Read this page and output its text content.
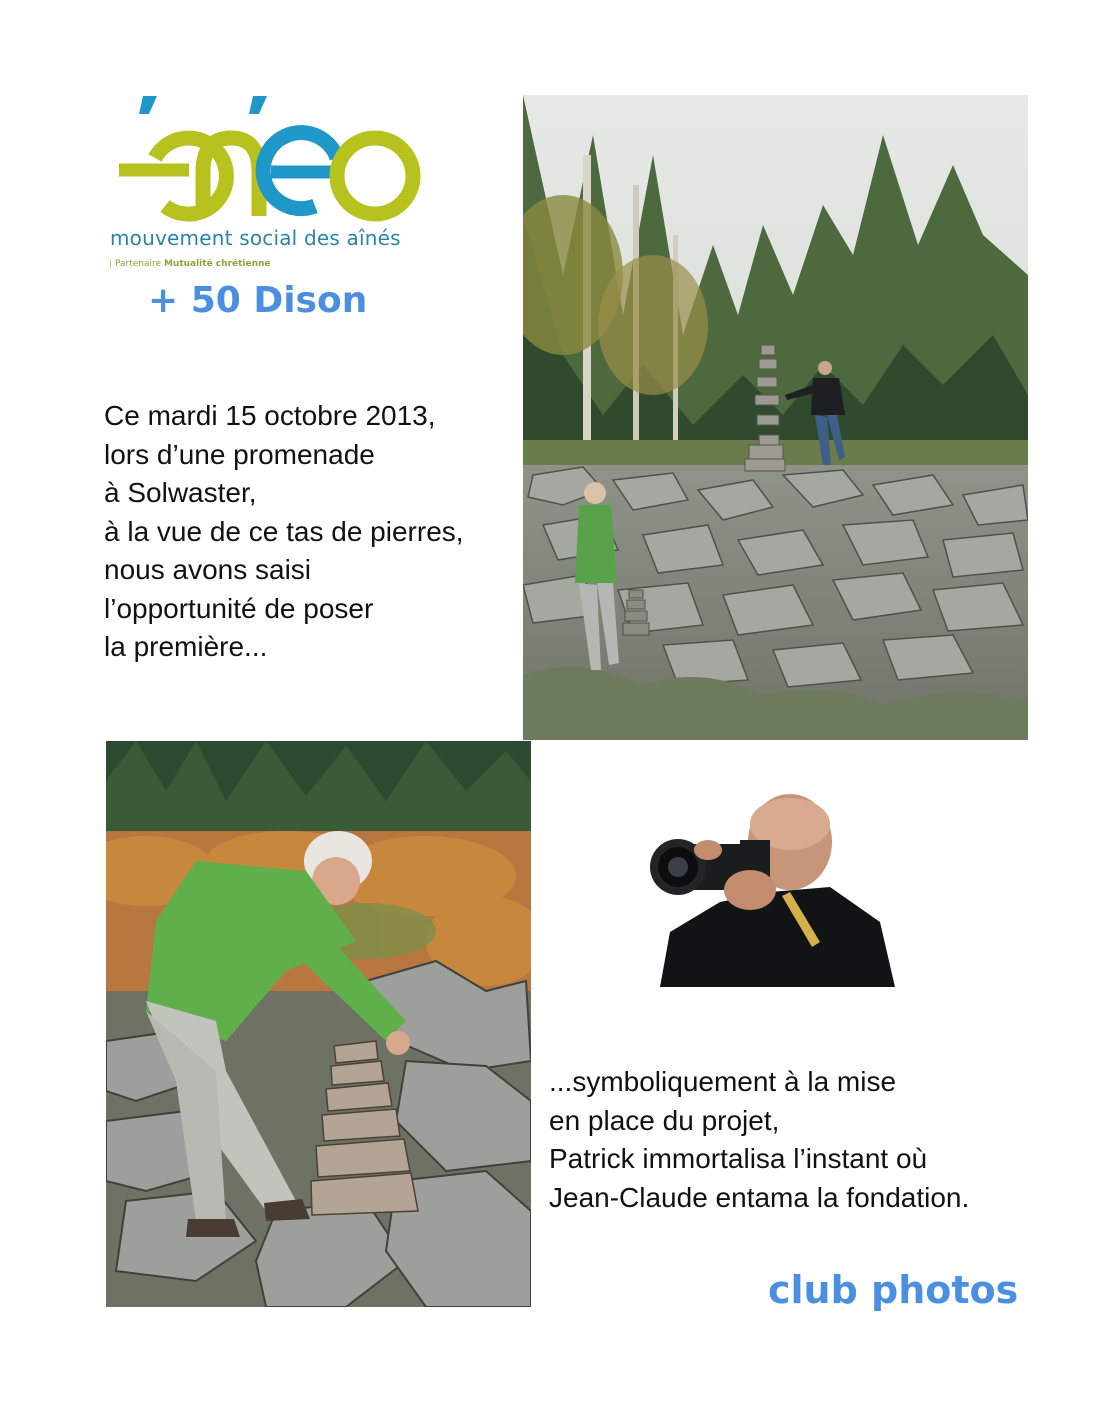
mouvement social des aînés
Partenaire Mutualité chrétienne
+ 50 Dison
Ce mardi 15 octobre 2013,
lors d’une promenade
à Solwaster,
à la vue de ce tas de pierres,
nous avons saisi
l’opportunité de poser
la première...
...symboliquement à la mise
en place du projet,
Patrick immortalisa l’instant où
Jean-Claude entama la fondation.
club photos
